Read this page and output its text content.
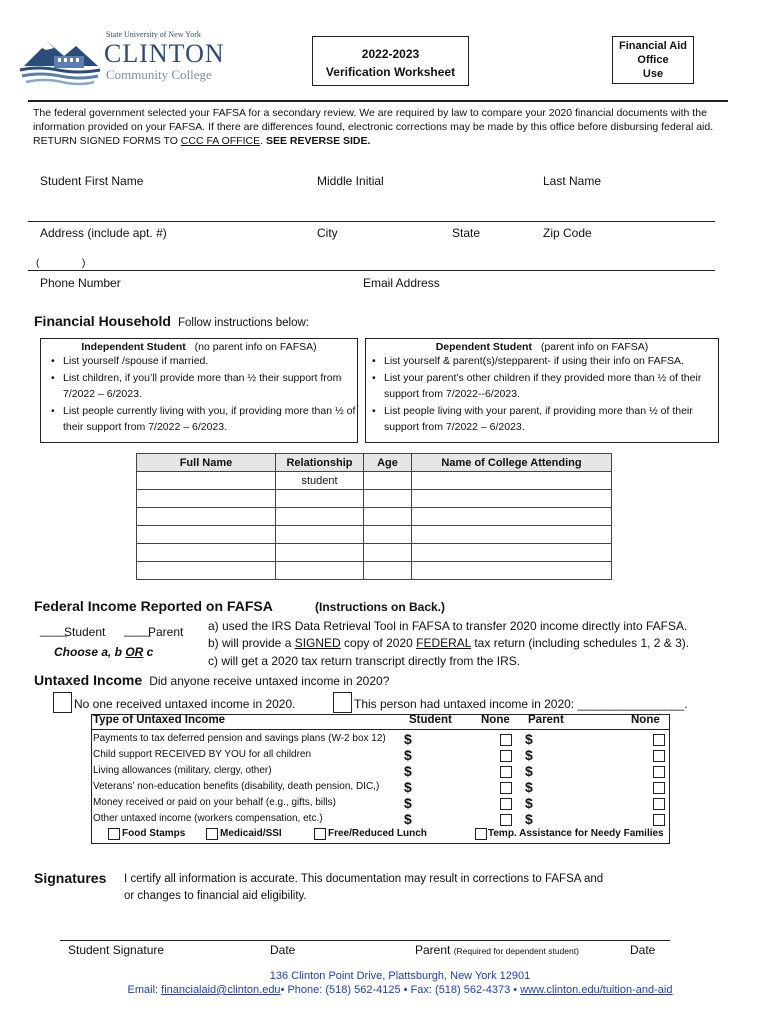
State University of New York
CLINTON
Community College
2022-2023
Verification Worksheet
Financial Aid
Office
Use
The federal government selected your FAFSA for a secondary review. We are required by law to compare your 2020 financial documents with the information provided on your FAFSA. If there are differences found, electronic corrections may be made by this office before disbursing federal aid. RETURN SIGNED FORMS TO CCC FA OFFICE. SEE REVERSE SIDE.
Student First Name	Middle Initial	Last Name
Address (include apt. #)	City	State	Zip Code
(	)
Phone Number	Email Address
Financial Household Follow instructions below:
Independent Student (no parent info on FAFSA)
• List yourself /spouse if married.
• List children, if you’ll provide more than ½ their support from 7/2022 – 6/2023.
• List people currently living with you, if providing more than ½ of their support from 7/2022 – 6/2023.
Dependent Student (parent info on FAFSA)
• List yourself & parent(s)/stepparent- if using their info on FAFSA.
• List your parent’s other children if they provided more than ½ of their support from 7/2022--6/2023.
• List people living with your parent, if providing more than ½ of their support from 7/2022 – 6/2023.
Full Name	Relationship	Age	Name of College Attending
	student		

Federal Income Reported on FAFSA	(Instructions on Back.)
____
Student ____
Parent
Choose a, b OR c
a) used the IRS Data Retrieval Tool in FAFSA to transfer 2020 income directly into FAFSA.
b) will provide a SIGNED copy of 2020 FEDERAL tax return (including schedules 1, 2 & 3).
c) will get a 2020 tax return transcript directly from the IRS.
Untaxed Income Did anyone receive untaxed income in 2020?
No one received untaxed income in 2020.	This person had untaxed income in 2020: ________________.
Type of Untaxed Income	Student	None Parent	None
Payments to tax deferred pension and savings plans (W-2 box 12) $	$
Child support RECEIVED BY YOU for all children	$	$
Living allowances (military, clergy, other)	$	$
Veterans’ non-education benefits (disability, death pension, DIC,) $	$
Money received or paid on your behalf (e.g., gifts, bills)	$	$
Other untaxed income (workers compensation, etc.)	$	$
Food Stamps	Medicaid/SSI	Free/Reduced Lunch	Temp. Assistance for Needy Families
Signatures I certify all information is accurate. This documentation may result in corrections to FAFSA and
or changes to financial aid eligibility.
Student Signature	Date	Parent (Required for dependent student)	Date
136 Clinton Point Drive, Plattsburgh, New York 12901
Email: financialaid@clinton.edu• Phone: (518) 562-4125 • Fax: (518) 562-4373 • www.clinton.edu/tuition-and-aid
